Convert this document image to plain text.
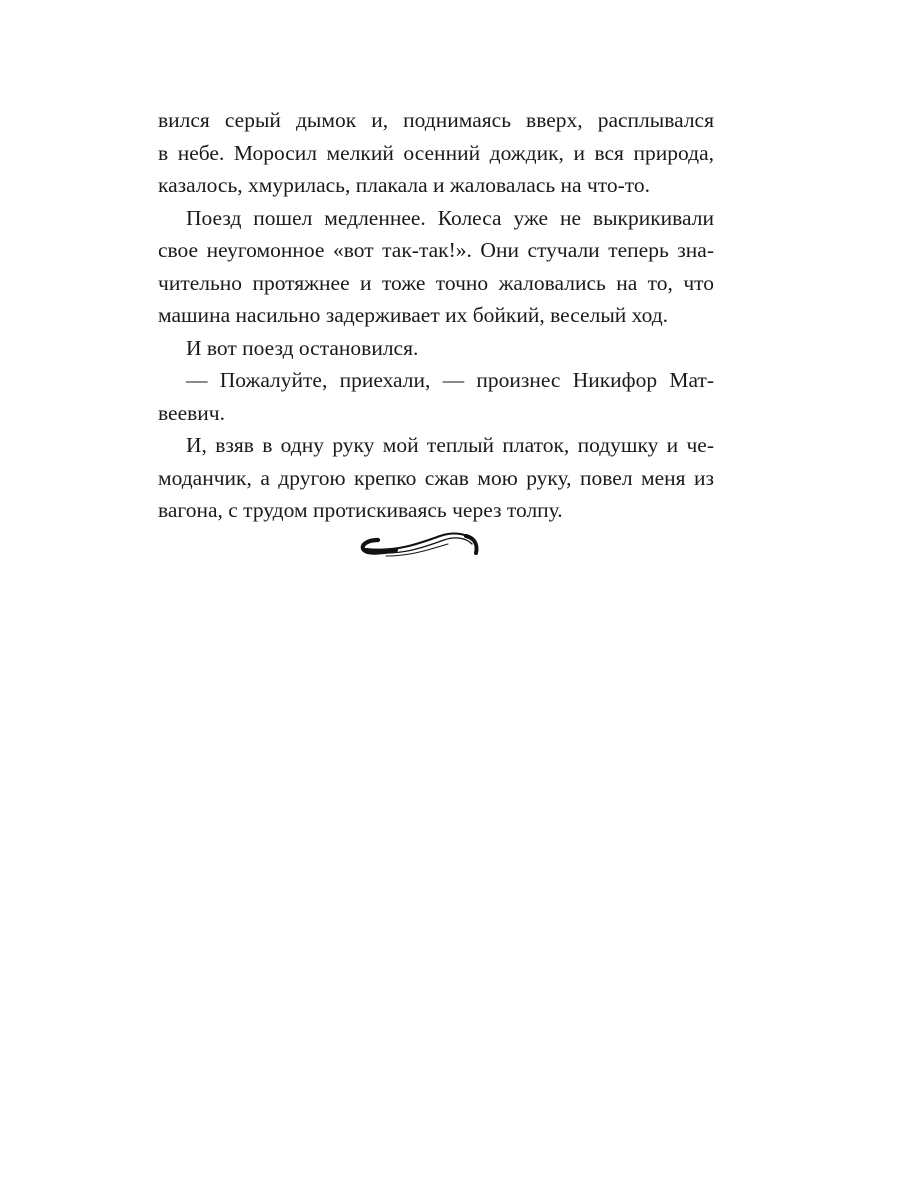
вился серый дымок и, поднимаясь вверх, расплывался
в небе. Моросил мелкий осенний дождик, и вся природа,
казалось, хмурилась, плакала и жаловалась на что-то.
Поезд пошел медленнее. Колеса уже не выкрикивали
свое неугомонное «вот так-так!». Они стучали теперь зна-
чительно протяжнее и тоже точно жаловались на то, что
машина насильно задерживает их бойкий, веселый ход.
И вот поезд остановился.
— Пожалуйте, приехали, — произнес Никифор Мат-
веевич.
И, взяв в одну руку мой теплый платок, подушку и че-
моданчик, а другою крепко сжав мою руку, повел меня из
вагона, с трудом протискиваясь через толпу.
